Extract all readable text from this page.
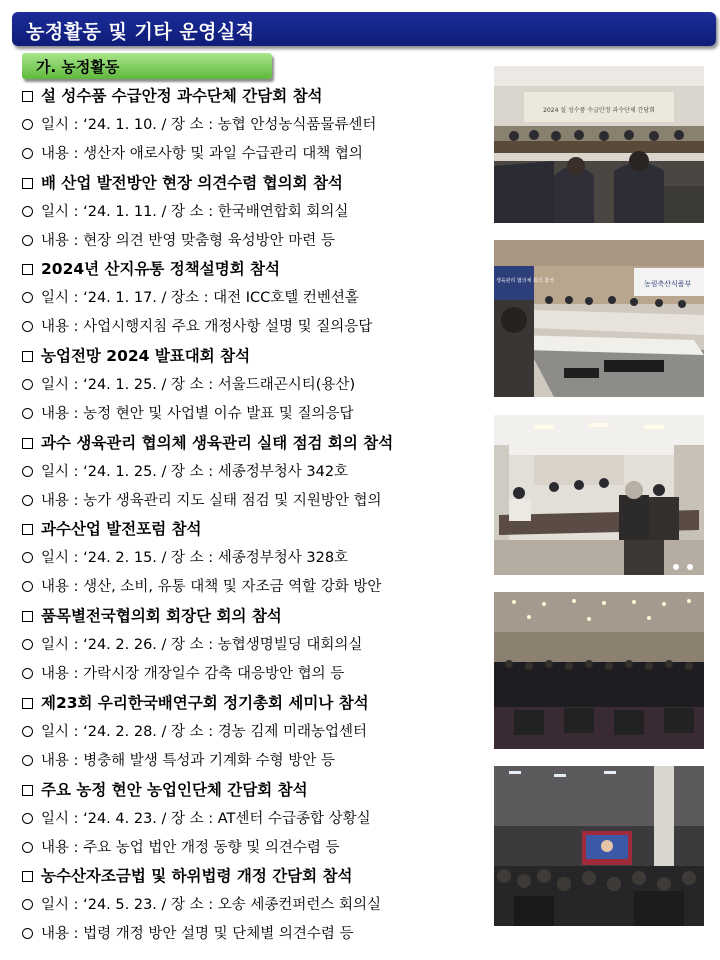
농정활동 및 기타 운영실적
가. 농정활동
설 성수품 수급안정 과수단체 간담회 참석
일시 : ‘24. 1. 10. / 장 소 : 농협 안성농식품물류센터
내용 : 생산자 애로사항 및 과일 수급관리 대책 협의
배 산업 발전방안 현장 의견수렴 협의회 참석
일시 : ‘24. 1. 11. / 장 소 : 한국배연합회 회의실
내용 : 현장 의견 반영 맞춤형 육성방안 마련 등
2024년 산지유통 정책설명회 참석
일시 : ‘24. 1. 17. / 장소 : 대전 ICC호텔 컨벤션홀
내용 : 사업시행지침 주요 개정사항 설명 및 질의응답
농업전망 2024 발표대회 참석
일시 : ‘24. 1. 25. / 장 소 : 서울드래곤시티(용산)
내용 : 농정 현안 및 사업별 이슈 발표 및 질의응답
과수 생육관리 협의체 생육관리 실태 점검 회의 참석
일시 : ‘24. 1. 25. / 장 소 : 세종정부청사 342호
내용 : 농가 생육관리 지도 실태 점검 및 지원방안 협의
과수산업 발전포럼 참석
일시 : ‘24. 2. 15. / 장 소 : 세종정부청사 328호
내용 : 생산, 소비, 유통 대책 및 자조금 역할 강화 방안
품목별전국협의회 회장단 회의 참석
일시 : ‘24. 2. 26. / 장 소 : 농협생명빌딩 대회의실
내용 : 가락시장 개장일수 감축 대응방안 협의 등
제23회 우리한국배연구회 정기총회 세미나 참석
일시 : ‘24. 2. 28. / 장 소 : 경농 김제 미래농업센터
내용 : 병충해 발생 특성과 기계화 수형 방안 등
주요 농정 현안 농업인단체 간담회 참석
일시 : ‘24. 4. 23. / 장 소 : AT센터 수급종합 상황실
내용 : 주요 농업 법안 개정 동향 및 의견수렴 등
농수산자조금법 및 하위법령 개정 간담회 참석
일시 : ‘24. 5. 23. / 장 소 : 오송 세종컨퍼런스 회의실
내용 : 법령 개정 방안 설명 및 단체별 의견수렴 등
2024 설 성수품 수급안정 과수단체 간담회
생육관리 협의체 회의 참석	농림축산식품부
